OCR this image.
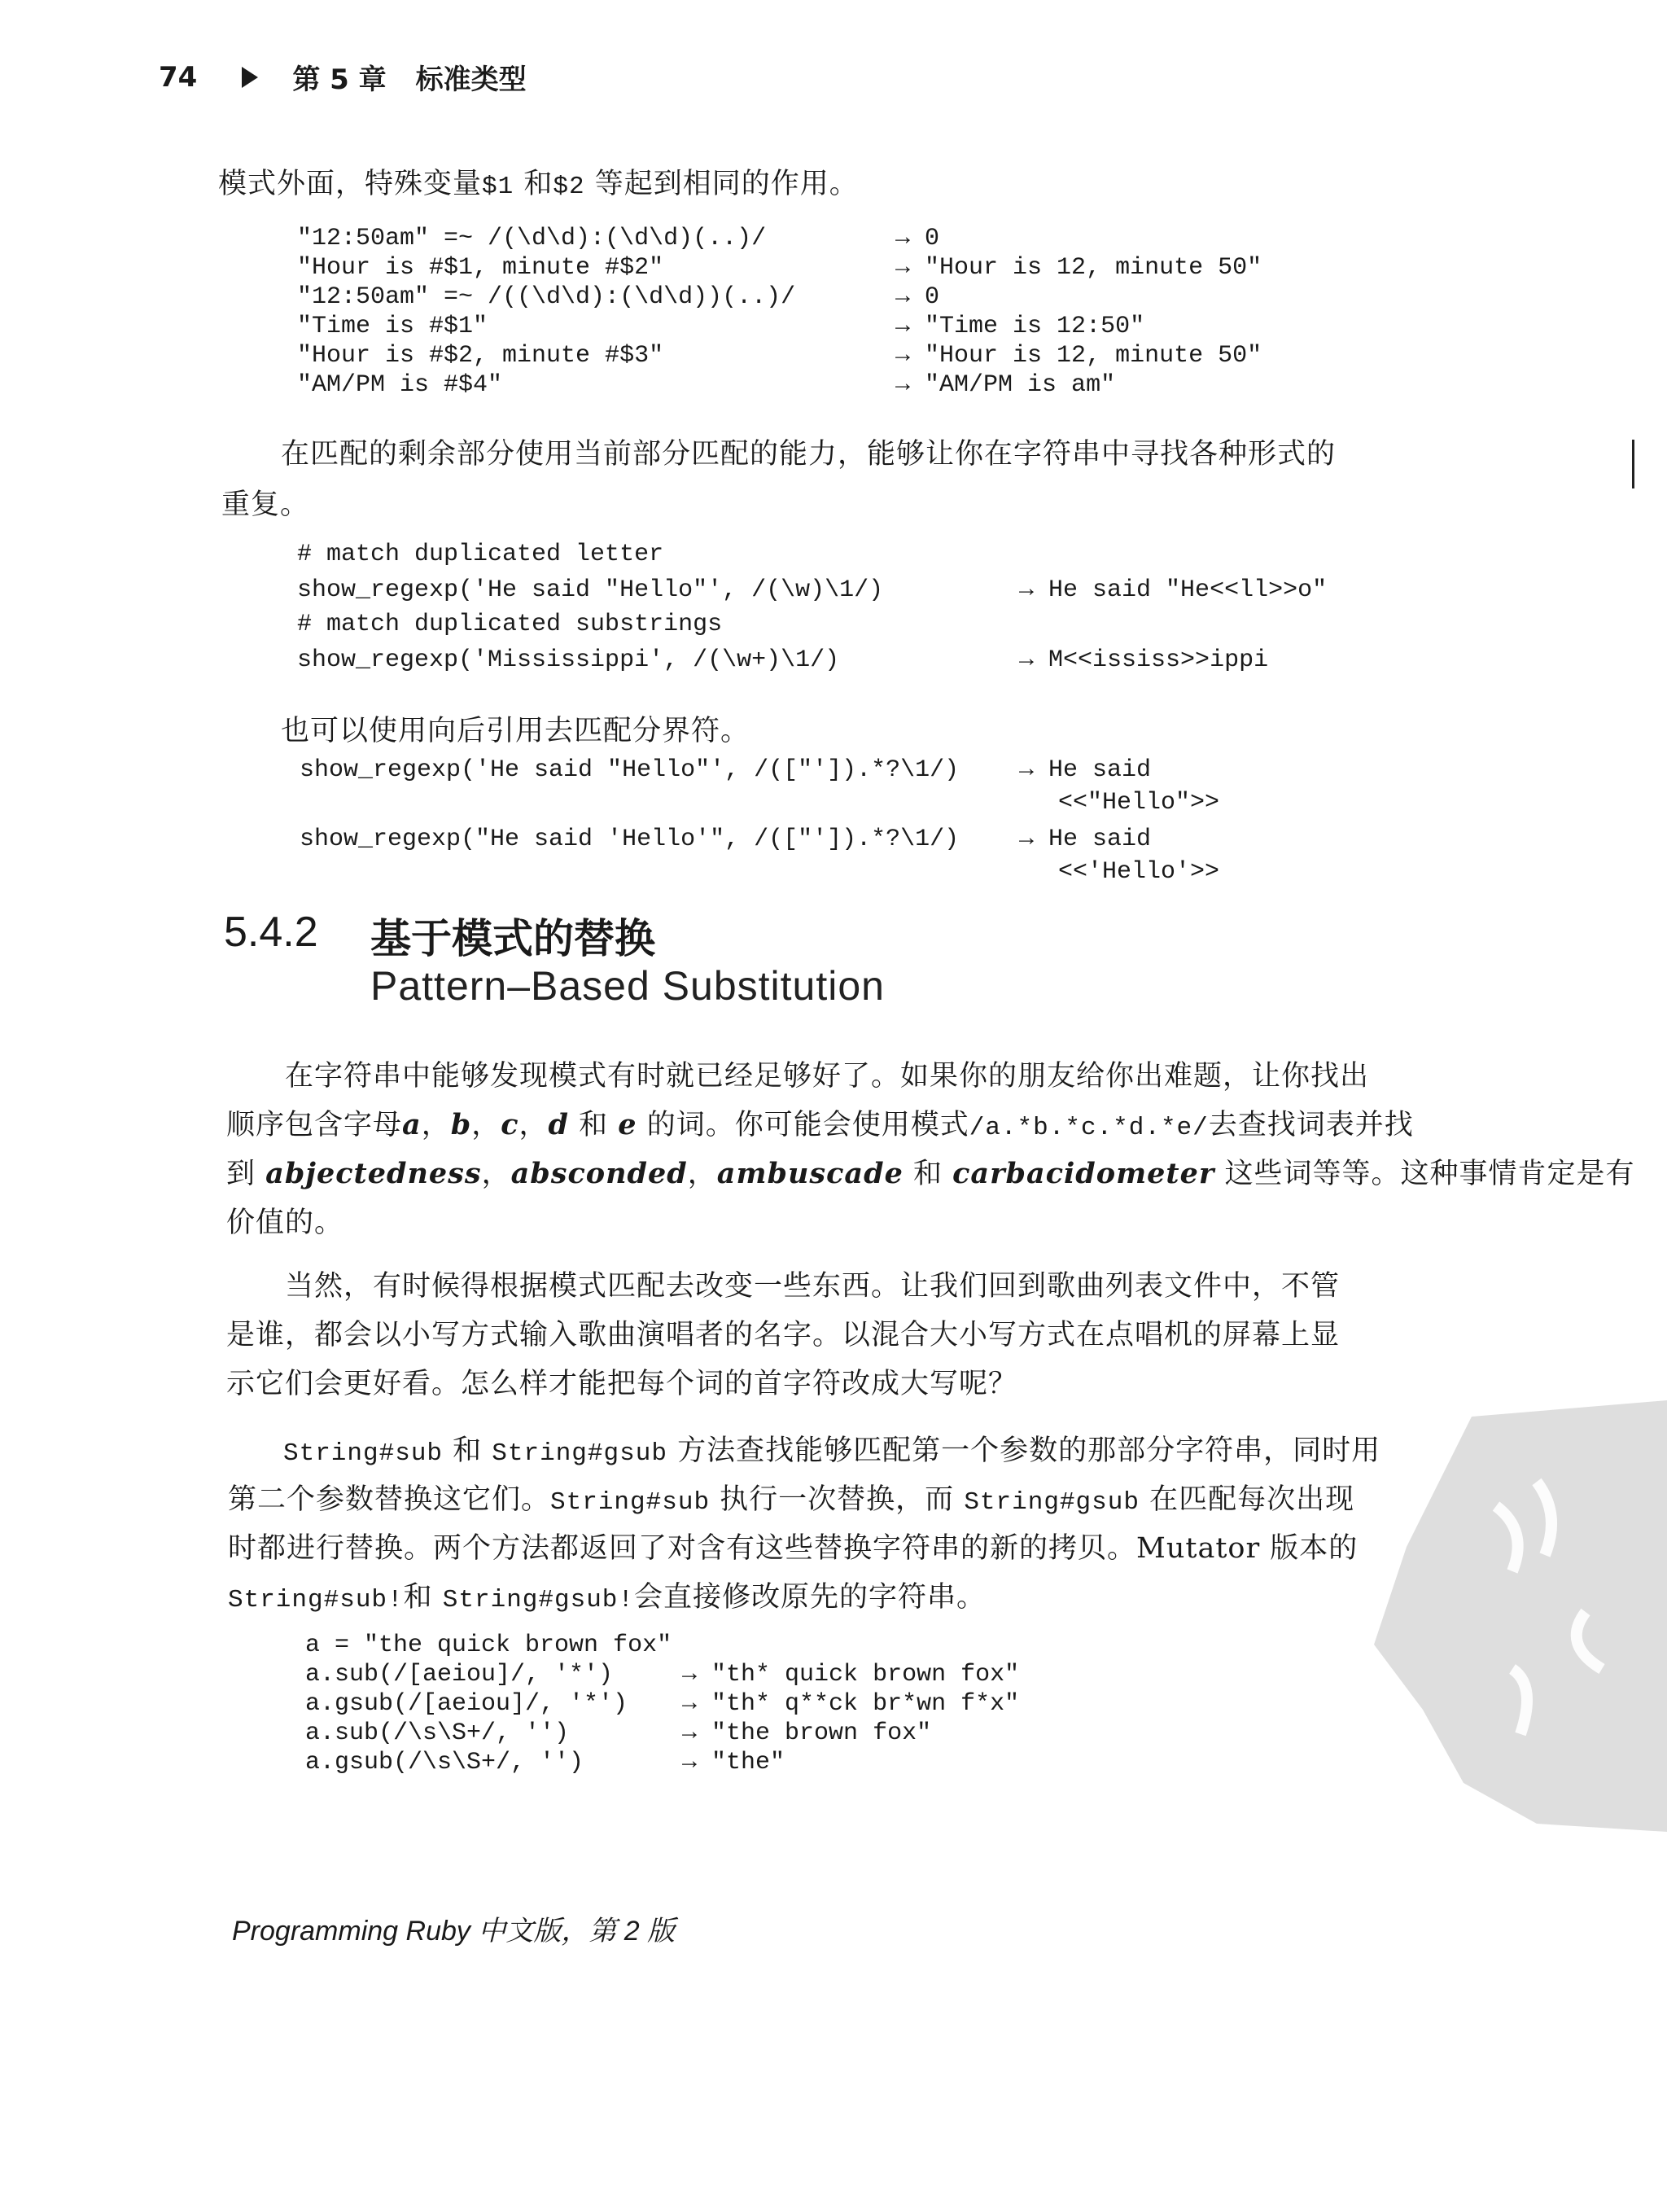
74	第 5 章 标准类型
模式外面，特殊变量$1 和$2 等起到相同的作用。
"12:50am" =~ /(\d\d):(\d\d)(..)/	→ 0
"Hour is #$1, minute #$2"	→ "Hour is 12, minute 50"
"12:50am" =~ /((\d\d):(\d\d))(..)/	→ 0
"Time is #$1"	→ "Time is 12:50"
"Hour is #$2, minute #$3"	→ "Hour is 12, minute 50"
"AM/PM is #$4"	→ "AM/PM is am"
在匹配的剩余部分使用当前部分匹配的能力，能够让你在字符串中寻找各种形式的
重复。
# match duplicated letter
show_regexp('He said "Hello"', /(\w)\1/)	→ He said "He<<ll>>o"
# match duplicated substrings
show_regexp('Mississippi', /(\w+)\1/)	→ M<<ississ>>ippi
也可以使用向后引用去匹配分界符。
show_regexp('He said "Hello"', /(["']).*?\1/) → He said
<<"Hello">>
show_regexp("He said 'Hello'", /(["']).*?\1/) → He said
<<'Hello'>>
5.4.2 基于模式的替换
Pattern–Based Substitution
在字符串中能够发现模式有时就已经足够好了。如果你的朋友给你出难题，让你找出
顺序包含字母a，b，c，d 和 e 的词。你可能会使用模式/a.*b.*c.*d.*e/去查找词表并找
到 abjectedness，absconded，ambuscade 和 carbacidometer 这些词等等。这种事情肯定是有
价值的。
当然，有时候得根据模式匹配去改变一些东西。让我们回到歌曲列表文件中，不管
是谁，都会以小写方式输入歌曲演唱者的名字。以混合大小写方式在点唱机的屏幕上显
示它们会更好看。怎么样才能把每个词的首字符改成大写呢？
String#sub 和 String#gsub 方法查找能够匹配第一个参数的那部分字符串，同时用
第二个参数替换这它们。String#sub 执行一次替换，而 String#gsub 在匹配每次出现
时都进行替换。两个方法都返回了对含有这些替换字符串的新的拷贝。Mutator 版本的
String#sub!和 String#gsub!会直接修改原先的字符串。
a = "the quick brown fox"
a.sub(/[aeiou]/, '*')	→ "th* quick brown fox"
a.gsub(/[aeiou]/, '*') → "th* q**ck br*wn f*x"
a.sub(/\s\S+/, '')	→ "the brown fox"
a.gsub(/\s\S+/, '')	→ "the"
Programming Ruby 中文版，第 2 版
